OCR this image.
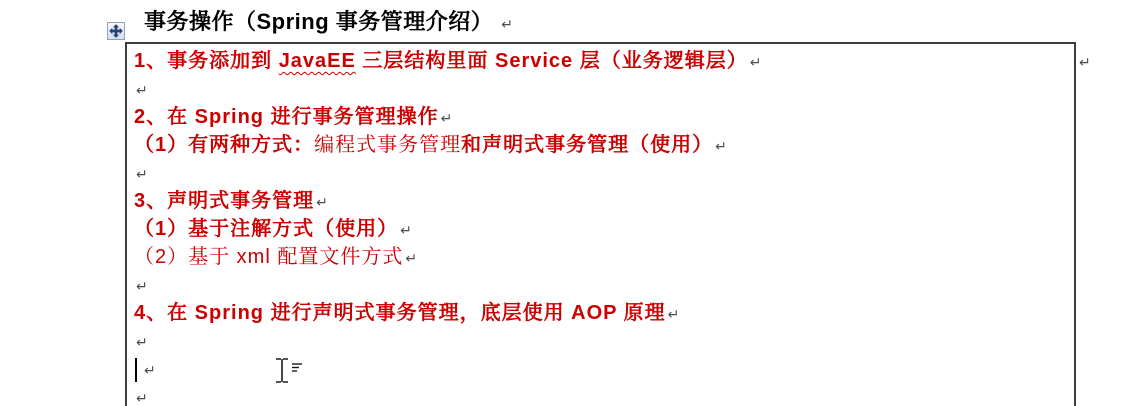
事务操作（Spring 事务管理介绍） ↵
1、事务添加到 JavaEE 三层结构里面 Service 层（业务逻辑层） ↵
↵
2、在 Spring 进行事务管理操作 ↵
（1）有两种方式：编程式事务管理和声明式事务管理（使用） ↵
↵
3、声明式事务管理 ↵
（1）基于注解方式（使用） ↵
（2）基于 xml 配置文件方式 ↵
↵
4、在 Spring 进行声明式事务管理，底层使用 AOP 原理 ↵
↵
↵
↵
↵
